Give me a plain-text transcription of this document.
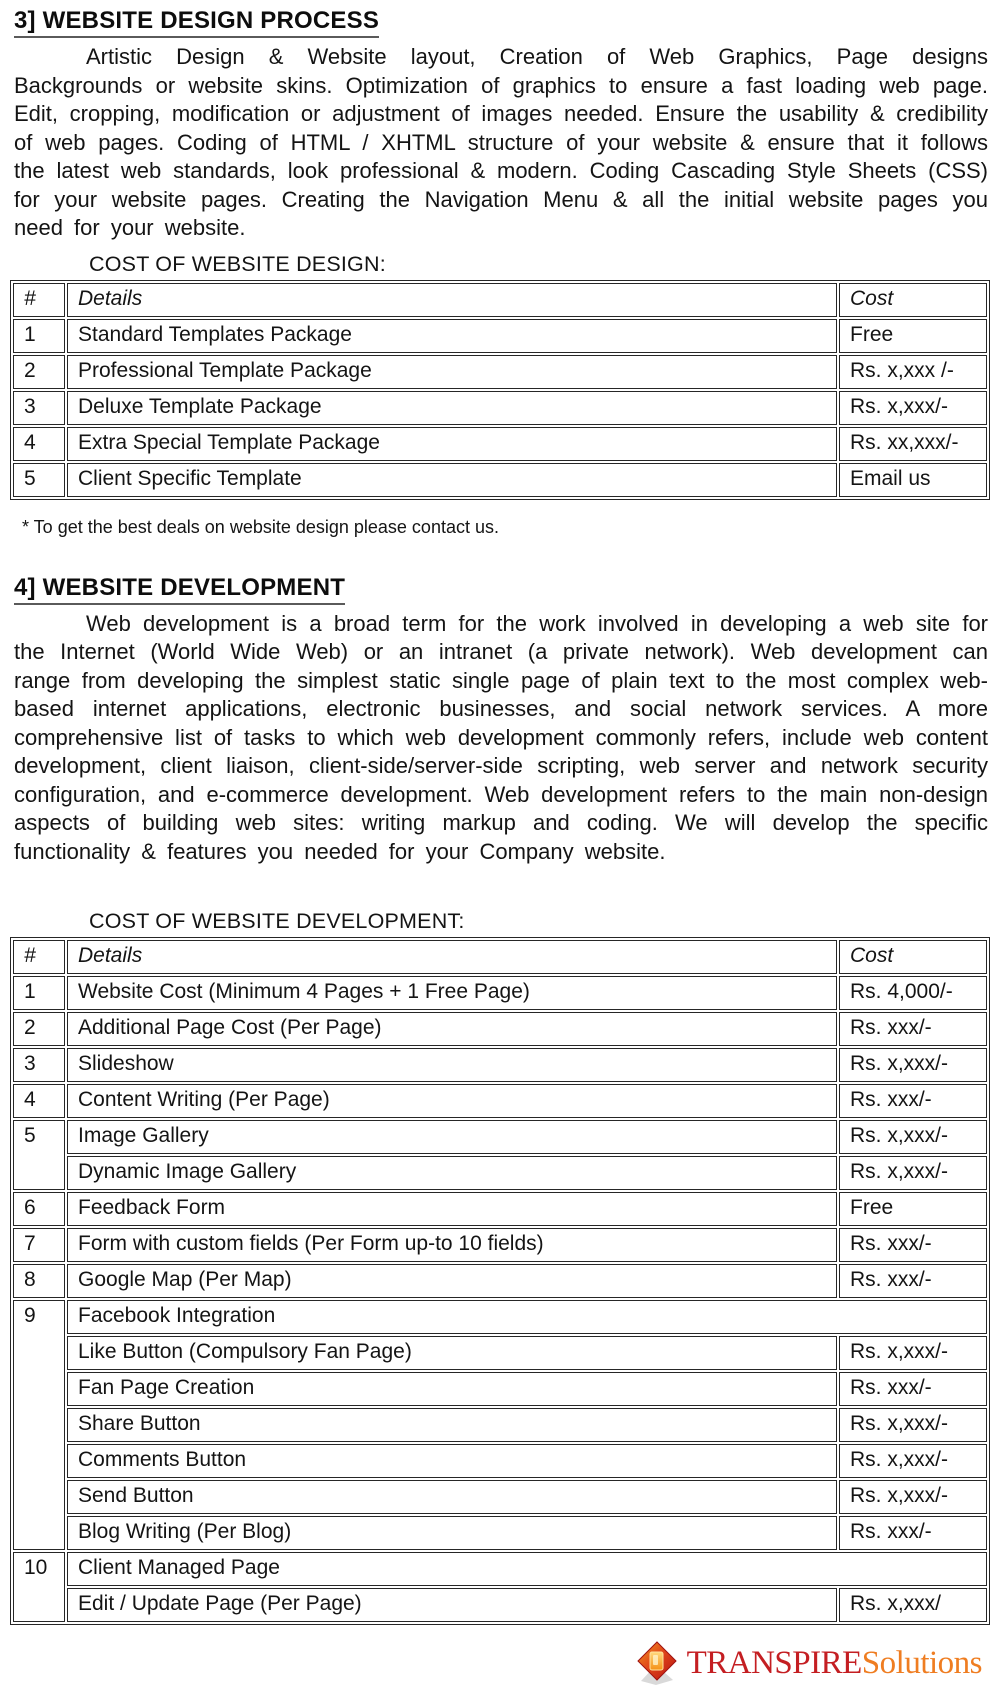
3] WEBSITE DESIGN PROCESS

Artistic Design & Website layout, Creation of Web Graphics, Page designs Backgrounds or website skins. Optimization of graphics to ensure a fast loading web page. Edit, cropping, modification or adjustment of images needed. Ensure the usability & credibility of web pages. Coding of HTML / XHTML structure of your website & ensure that it follows the latest web standards, look professional & modern. Coding Cascading Style Sheets (CSS) for your website pages. Creating the Navigation Menu & all the initial website pages you need for your website.

COST OF WEBSITE DESIGN:
#	Details	Cost
1	Standard Templates Package	Free
2	Professional Template Package	Rs. x,xxx /-
3	Deluxe Template Package	Rs. x,xxx/-
4	Extra Special Template Package	Rs. xx,xxx/-
5	Client Specific Template	Email us

* To get the best deals on website design please contact us.

4] WEBSITE DEVELOPMENT

Web development is a broad term for the work involved in developing a web site for the Internet (World Wide Web) or an intranet (a private network). Web development can range from developing the simplest static single page of plain text to the most complex web-based internet applications, electronic businesses, and social network services. A more comprehensive list of tasks to which web development commonly refers, include web content development, client liaison, client-side/server-side scripting, web server and network security configuration, and e-commerce development. Web development refers to the main non-design aspects of building web sites: writing markup and coding. We will develop the specific functionality & features you needed for your Company website.

COST OF WEBSITE DEVELOPMENT:
#	Details	Cost
1	Website Cost (Minimum 4 Pages + 1 Free Page)	Rs. 4,000/-
2	Additional Page Cost (Per Page)	Rs. xxx/-
3	Slideshow	Rs. x,xxx/-
4	Content Writing (Per Page)	Rs. xxx/-
5	Image Gallery	Rs. x,xxx/-
	Dynamic Image Gallery	Rs. x,xxx/-
6	Feedback Form	Free
7	Form with custom fields (Per Form up-to 10 fields)	Rs. xxx/-
8	Google Map (Per Map)	Rs. xxx/-
9	Facebook Integration	
	Like Button (Compulsory Fan Page)	Rs. x,xxx/-
	Fan Page Creation	Rs. xxx/-
	Share Button	Rs. x,xxx/-
	Comments Button	Rs. x,xxx/-
	Send Button	Rs. x,xxx/-
	Blog Writing (Per Blog)	Rs. xxx/-
10	Client Managed Page	
	Edit / Update Page (Per Page)	Rs. x,xxx/
TRANSPIRESolutions
